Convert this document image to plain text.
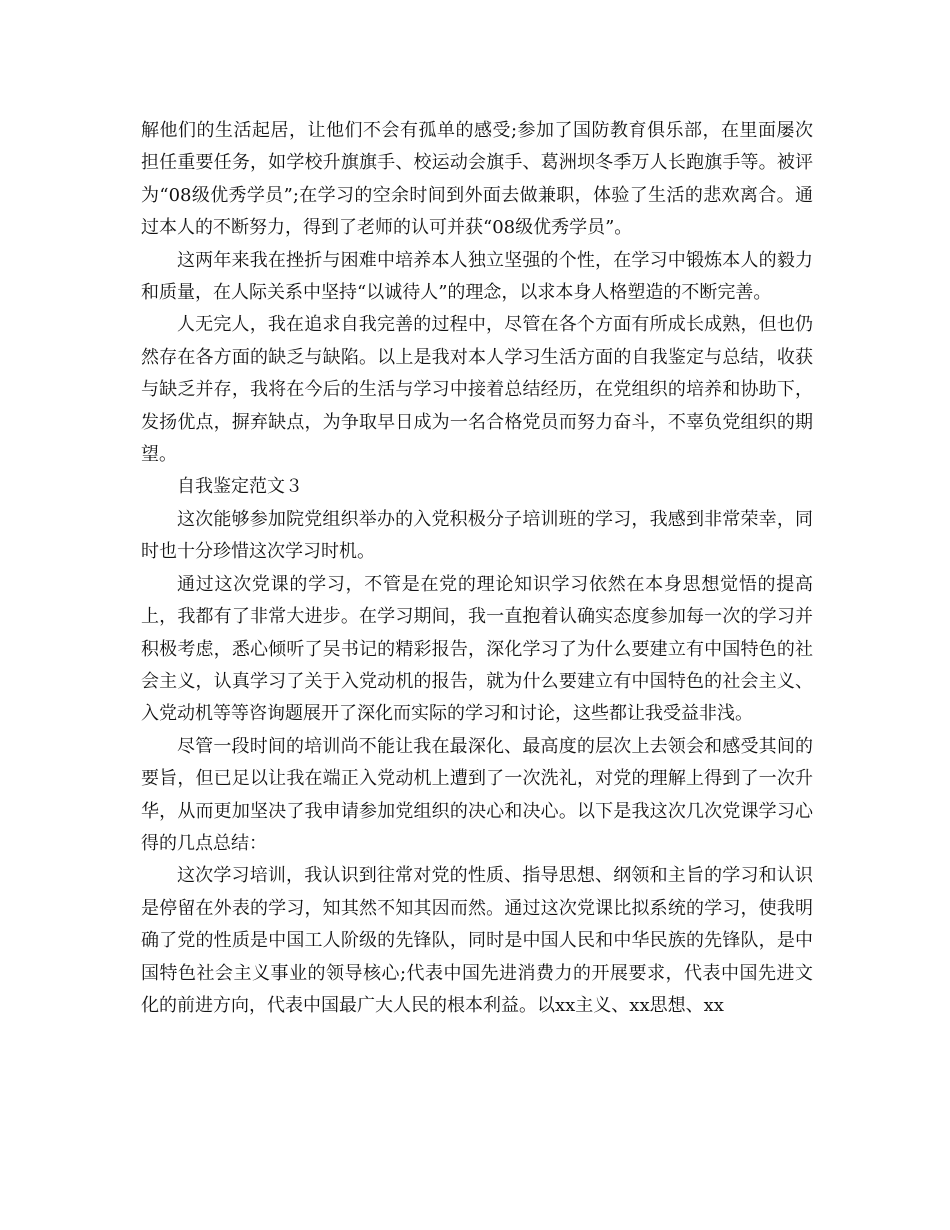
解他们的生活起居，让他们不会有孤单的感受;参加了国防教育俱乐部，在里面屡次担任重要任务，如学校升旗旗手、校运动会旗手、葛洲坝冬季万人长跑旗手等。被评为“08级优秀学员”;在学习的空余时间到外面去做兼职，体验了生活的悲欢离合。通过本人的不断努力，得到了老师的认可并获“08级优秀学员”。

这两年来我在挫折与困难中培养本人独立坚强的个性，在学习中锻炼本人的毅力和质量，在人际关系中坚持“以诚待人”的理念，以求本身人格塑造的不断完善。

人无完人，我在追求自我完善的过程中，尽管在各个方面有所成长成熟，但也仍然存在各方面的缺乏与缺陷。以上是我对本人学习生活方面的自我鉴定与总结，收获与缺乏并存，我将在今后的生活与学习中接着总结经历，在党组织的培养和协助下，发扬优点，摒弃缺点，为争取早日成为一名合格党员而努力奋斗，不辜负党组织的期望。

自我鉴定范文３

这次能够参加院党组织举办的入党积极分子培训班的学习，我感到非常荣幸，同时也十分珍惜这次学习时机。

通过这次党课的学习，不管是在党的理论知识学习依然在本身思想觉悟的提高上，我都有了非常大进步。在学习期间，我一直抱着认确实态度参加每一次的学习并积极考虑，悉心倾听了吴书记的精彩报告，深化学习了为什么要建立有中国特色的社会主义，认真学习了关于入党动机的报告，就为什么要建立有中国特色的社会主义、入党动机等等咨询题展开了深化而实际的学习和讨论，这些都让我受益非浅。

尽管一段时间的培训尚不能让我在最深化、最高度的层次上去领会和感受其间的要旨，但已足以让我在端正入党动机上遭到了一次洗礼，对党的理解上得到了一次升华，从而更加坚决了我申请参加党组织的决心和决心。以下是我这次几次党课学习心得的几点总结：

这次学习培训，我认识到往常对党的性质、指导思想、纲领和主旨的学习和认识是停留在外表的学习，知其然不知其因而然。通过这次党课比拟系统的学习，使我明确了党的性质是中国工人阶级的先锋队，同时是中国人民和中华民族的先锋队，是中国特色社会主义事业的领导核心;代表中国先进消费力的开展要求，代表中国先进文化的前进方向，代表中国最广大人民的根本利益。以xx主义、xx思想、xx
